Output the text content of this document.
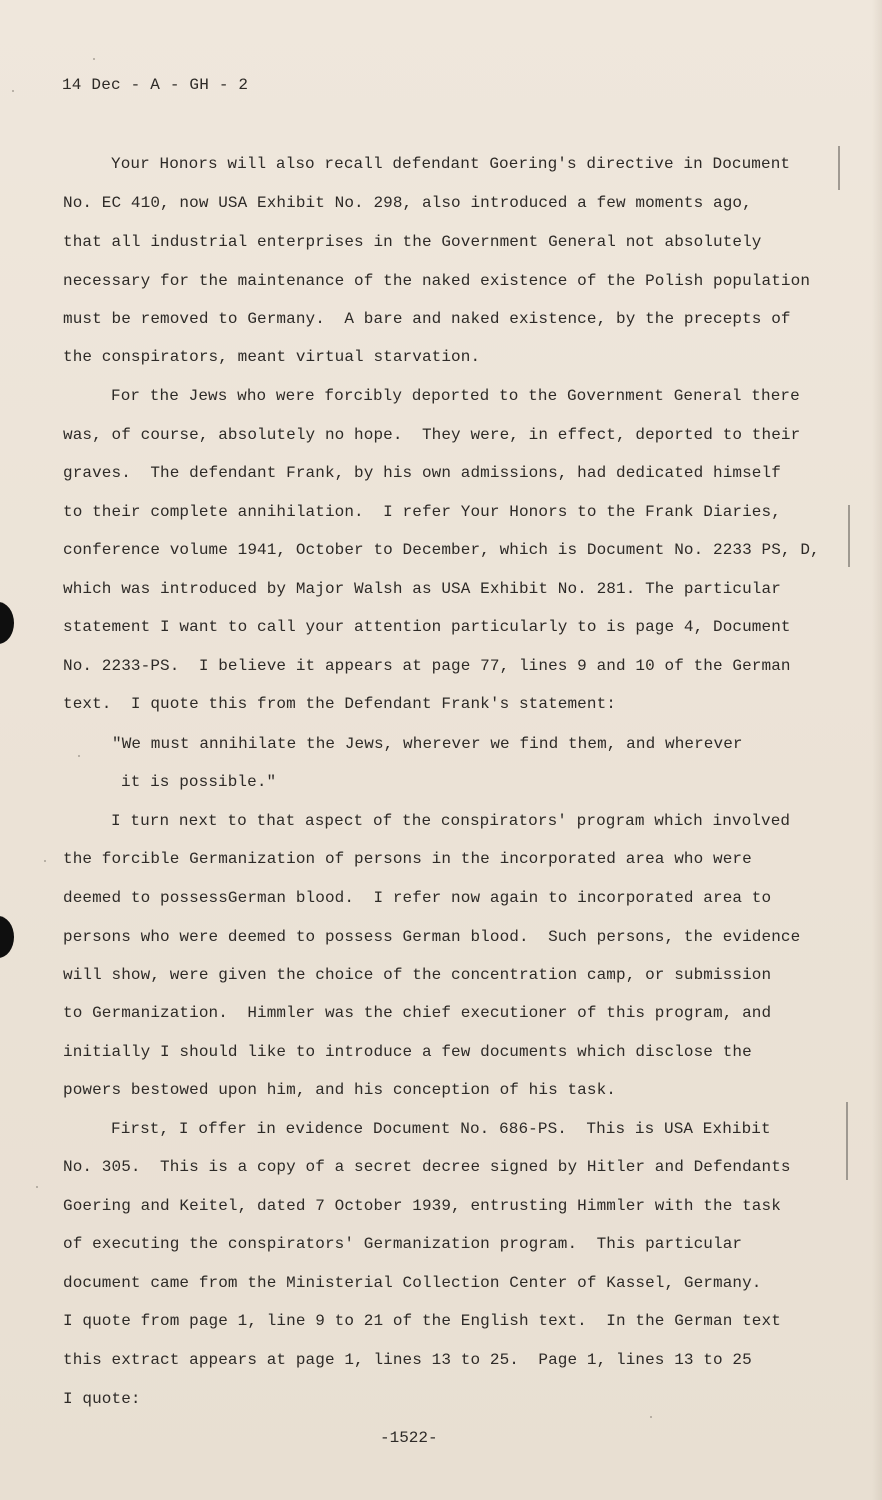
14 Dec - A - GH - 2
Your Honors will also recall defendant Goering's directive in Document
No. EC 410, now USA Exhibit No. 298, also introduced a few moments ago,
that all industrial enterprises in the Government General not absolutely
necessary for the maintenance of the naked existence of the Polish population
must be removed to Germany.  A bare and naked existence, by the precepts of
the conspirators, meant virtual starvation.
For the Jews who were forcibly deported to the Government General there
was, of course, absolutely no hope.  They were, in effect, deported to their
graves.  The defendant Frank, by his own admissions, had dedicated himself
to their complete annihilation.  I refer Your Honors to the Frank Diaries,
conference volume 1941, October to December, which is Document No. 2233 PS, D,
which was introduced by Major Walsh as USA Exhibit No. 281. The particular
statement I want to call your attention particularly to is page 4, Document
No. 2233-PS.  I believe it appears at page 77, lines 9 and 10 of the German
text.  I quote this from the Defendant Frank's statement:
"We must annihilate the Jews, wherever we find them, and wherever
it is possible."
I turn next to that aspect of the conspirators' program which involved
the forcible Germanization of persons in the incorporated area who were
deemed to possessGerman blood.  I refer now again to incorporated area to
persons who were deemed to possess German blood.  Such persons, the evidence
will show, were given the choice of the concentration camp, or submission
to Germanization.  Himmler was the chief executioner of this program, and
initially I should like to introduce a few documents which disclose the
powers bestowed upon him, and his conception of his task.
First, I offer in evidence Document No. 686-PS.  This is USA Exhibit
No. 305.  This is a copy of a secret decree signed by Hitler and Defendants
Goering and Keitel, dated 7 October 1939, entrusting Himmler with the task
of executing the conspirators' Germanization program.  This particular
document came from the Ministerial Collection Center of Kassel, Germany.
I quote from page 1, line 9 to 21 of the English text.  In the German text
this extract appears at page 1, lines 13 to 25.  Page 1, lines 13 to 25
I quote:
-1522-
